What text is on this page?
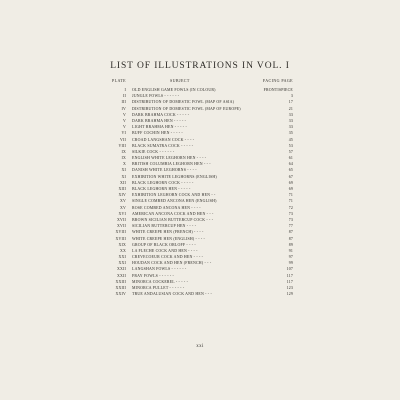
LIST OF ILLUSTRATIONS IN VOL. I
PLATE	SUBJECT	FACING PAGE
I OLD ENGLISH GAME FOWLS (IN COLOUR)	FRONTISPIECE
II JUNGLE FOWLS - - - - - -	3
III DISTRIBUTION OF DOMESTIC FOWL (MAP OF ASIA)	17
IV DISTRIBUTION OF DOMESTIC FOWL (MAP OF EUROPE)	21
V DARK BRAHMA COCK - - - - -	33
V DARK BRAHMA HEN - - - - -	33
V LIGHT BRAHMA HEN - - - - -	33
VI BUFF COCHIN HEN - - - - -	35
VII CROAD LANGSHAN COCK - - - -	45
VIII BLACK SUMATRA COCK - - - - -	53
IX SILKIE COCK - - - - - -	57
IX ENGLISH WHITE LEGHORN HEN - - - -	61
X BRITISH COLUMBIA LEGHORN HEN - - -	64
XI DANISH WHITE LEGHORNS - - - -	65
XI EXHIBITION WHITE LEGHORNS (ENGLISH)	67
XII BLACK LEGHORN COCK - - - - -	69
XIII BLACK LEGHORN HEN - - - - -	69
XIV EXHIBITION LEGHORN COCK AND HEN - -	71
XV SINGLE COMBED ANCONA HEN (ENGLISH)	71
XV ROSE COMBED ANCONA HEN - - - -	72
XVI AMERICAN ANCONA COCK AND HEN - - -	73
XVII BROWN SICILIAN BUTTERCUP COCK - - -	73
XVII SICILIAN BUTTERCUP HEN - - - -	77
XVIII WHITE CREEPE HEN (FRENCH) - - - -	87
XVIII WHITE CREEPE HEN (ENGLISH) - - - -	87
XIX GROUP OF BLACK ORLOFF - - - -	89
XX LA FLECHE COCK AND HEN - - - -	91
XXI CREVECOEUR COCK AND HEN - - - -	97
XXI HOUDAN COCK AND HEN (FRENCH) - - -	99
XXII LANGSHAN FOWLS - - - - - -	107
XXII FRAY FOWLS - - - - - -	117
XXIII MINORCA COCKEREL - - - - -	117
XXIII MINORCA PULLET - - - - - -	123
XXIV TRUE ANDALUSIAN COCK AND HEN - - -	129
xxi
